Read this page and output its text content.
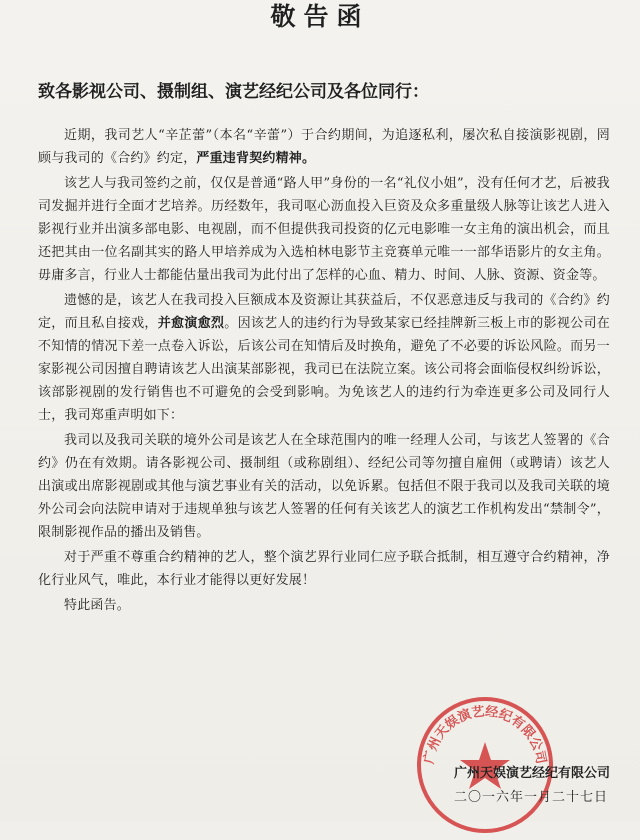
敬告函
致各影视公司、摄制组、演艺经纪公司及各位同行：

近期，我司艺人“辛芷蕾”（本名“辛蕾”）于合约期间，为追逐私利，屡次私自接演影视剧，罔顾与我司的《合约》约定，严重违背契约精神。

该艺人与我司签约之前，仅仅是普通“路人甲”身份的一名“礼仪小姐”，没有任何才艺，后被我司发掘并进行全面才艺培养。历经数年，我司呕心沥血投入巨资及众多重量级人脉等让该艺人进入影视行业并出演多部电影、电视剧，而不但提供我司投资的亿元电影唯一女主角的演出机会，而且还把其由一位名副其实的路人甲培养成为入选柏林电影节主竞赛单元唯一一部华语影片的女主角。毋庸多言，行业人士都能估量出我司为此付出了怎样的心血、精力、时间、人脉、资源、资金等。

遗憾的是，该艺人在我司投入巨额成本及资源让其获益后，不仅恶意违反与我司的《合约》约定，而且私自接戏，并愈演愈烈。因该艺人的违约行为导致某家已经挂牌新三板上市的影视公司在不知情的情况下差一点卷入诉讼，后该公司在知情后及时换角，避免了不必要的诉讼风险。而另一家影视公司因擅自聘请该艺人出演某部影视，我司已在法院立案。该公司将会面临侵权纠纷诉讼，该部影视剧的发行销售也不可避免的会受到影响。为免该艺人的违约行为牵连更多公司及同行人士，我司郑重声明如下：

我司以及我司关联的境外公司是该艺人在全球范围内的唯一经理人公司，与该艺人签署的《合约》仍在有效期。请各影视公司、摄制组（或称剧组）、经纪公司等勿擅自雇佣（或聘请）该艺人出演或出席影视剧或其他与演艺事业有关的活动，以免诉累。包括但不限于我司以及我司关联的境外公司会向法院申请对于违规单独与该艺人签署的任何有关该艺人的演艺工作机构发出“禁制令”，限制影视作品的播出及销售。

对于严重不尊重合约精神的艺人，整个演艺界行业同仁应予联合抵制，相互遵守合约精神，净化行业风气，唯此，本行业才能得以更好发展！

特此函告。

广州天娱演艺经纪有限公司
广州天娱演艺经纪有限公司
二〇一六年一月二十七日
